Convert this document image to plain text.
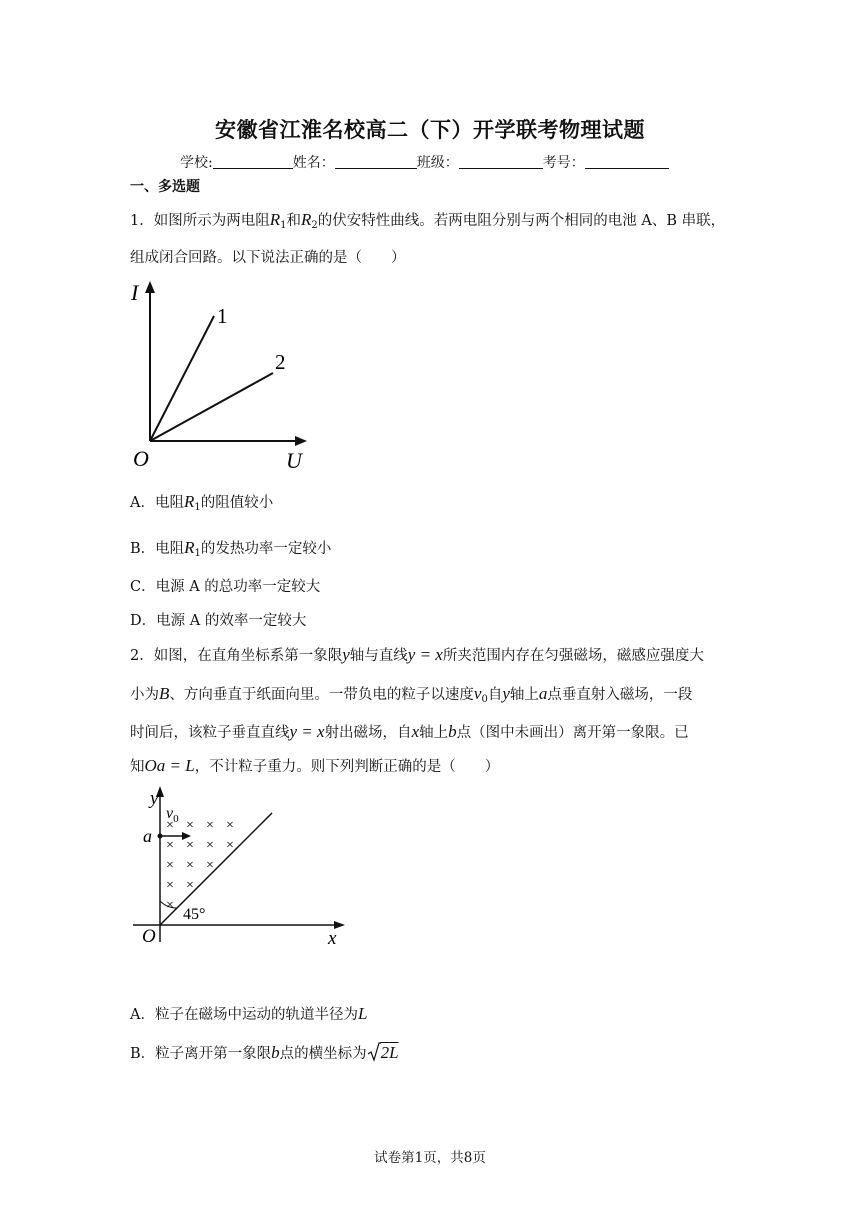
安徽省江淮名校高二（下）开学联考物理试题
学校:	姓名：	班级：	考号：
一、多选题
1．如图所示为两电阻$R_1$和$R_2$的伏安特性曲线。若两电阻分别与两个相同的电池 A、B 串联，
组成闭合回路。以下说法正确的是（　　）
I
O	U
1
2
A．电阻$R_1$的阻值较小
B．电阻$R_1$的发热功率一定较小
C．电源 A 的总功率一定较大
D．电源 A 的效率一定较大
2．如图，在直角坐标系第一象限y轴与直线y = x所夹范围内存在匀强磁场，磁感应强度大
小为B、方向垂直于纸面向里。一带负电的粒子以速度$v_0$自y轴上a点垂直射入磁场，一段
时间后，该粒子垂直直线y = x射出磁场，自x轴上b点（图中未画出）离开第一象限。已
知Oa = L，不计粒子重力。则下列判断正确的是（　　）
× × × ×
× × × ×
× × ×
× ×
×
y
O	x
a
$v_0$
45°
A．粒子在磁场中运动的轨道半径为L
B．粒子离开第一象限b点的横坐标为 2L
试卷第1页，共8页
